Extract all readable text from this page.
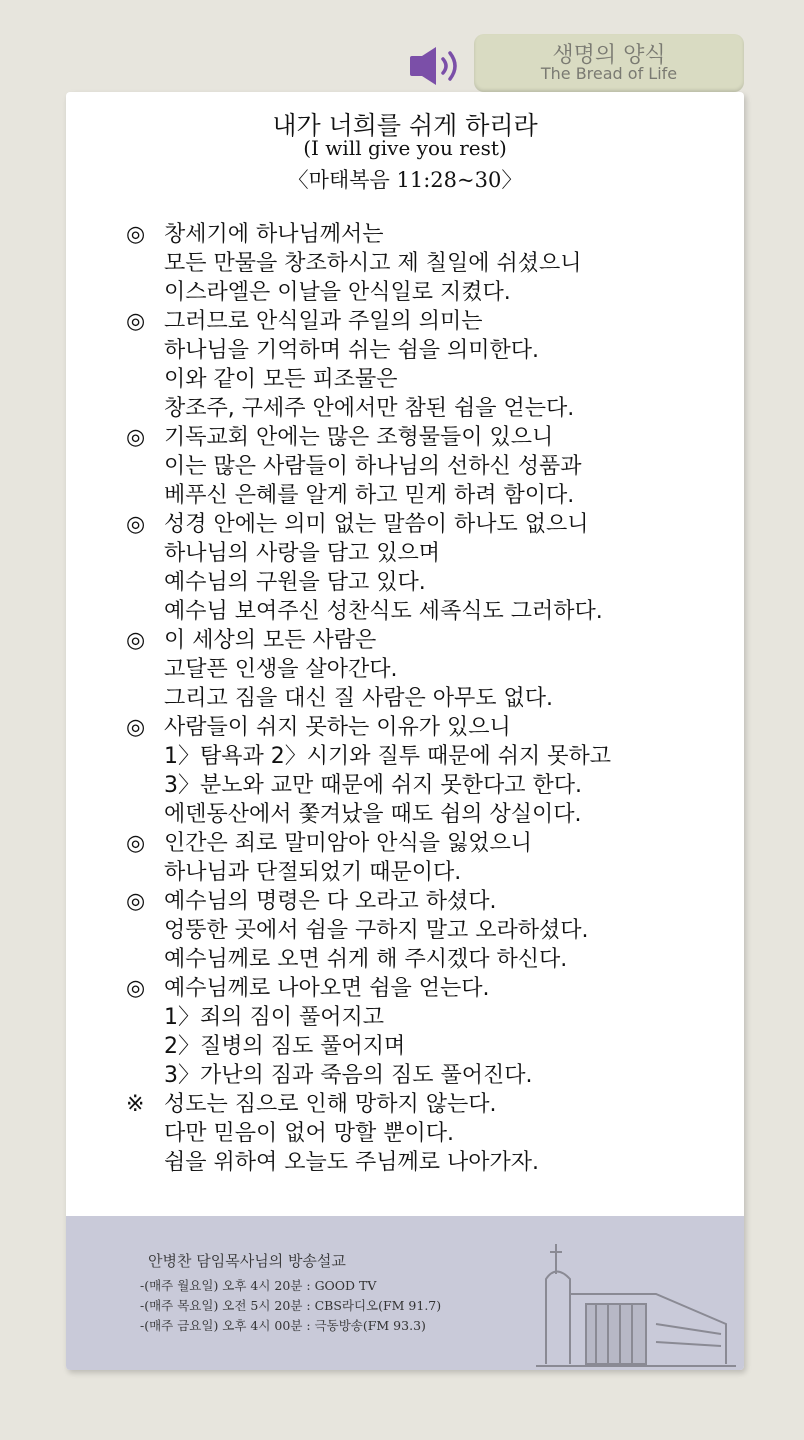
생명의 양식
The Bread of Life
내가 너희를 쉬게 하리라
(I will give you rest)
〈마태복음 11:28~30〉
◎ 창세기에 하나님께서는
모든 만물을 창조하시고 제 칠일에 쉬셨으니
이스라엘은 이날을 안식일로 지켰다.
◎ 그러므로 안식일과 주일의 의미는
하나님을 기억하며 쉬는 쉼을 의미한다.
이와 같이 모든 피조물은
창조주, 구세주 안에서만 참된 쉼을 얻는다.
◎ 기독교회 안에는 많은 조형물들이 있으니
이는 많은 사람들이 하나님의 선하신 성품과
베푸신 은혜를 알게 하고 믿게 하려 함이다.
◎ 성경 안에는 의미 없는 말씀이 하나도 없으니
하나님의 사랑을 담고 있으며
예수님의 구원을 담고 있다.
예수님 보여주신 성찬식도 세족식도 그러하다.
◎ 이 세상의 모든 사람은
고달픈 인생을 살아간다.
그리고 짐을 대신 질 사람은 아무도 없다.
◎ 사람들이 쉬지 못하는 이유가 있으니
1〉탐욕과 2〉시기와 질투 때문에 쉬지 못하고
3〉분노와 교만 때문에 쉬지 못한다고 한다.
에덴동산에서 쫓겨났을 때도 쉼의 상실이다.
◎ 인간은 죄로 말미암아 안식을 잃었으니
하나님과 단절되었기 때문이다.
◎ 예수님의 명령은 다 오라고 하셨다.
엉뚱한 곳에서 쉼을 구하지 말고 오라하셨다.
예수님께로 오면 쉬게 해 주시겠다 하신다.
◎ 예수님께로 나아오면 쉼을 얻는다.
1〉죄의 짐이 풀어지고
2〉질병의 짐도 풀어지며
3〉가난의 짐과 죽음의 짐도 풀어진다.
※ 성도는 짐으로 인해 망하지 않는다.
다만 믿음이 없어 망할 뿐이다.
쉼을 위하여 오늘도 주님께로 나아가자.
안병찬 담임목사님의 방송설교
-(매주 월요일) 오후 4시 20분 : GOOD TV
-(매주 목요일) 오전 5시 20분 : CBS라디오(FM 91.7)
-(매주 금요일) 오후 4시 00분 : 극동방송(FM 93.3)
